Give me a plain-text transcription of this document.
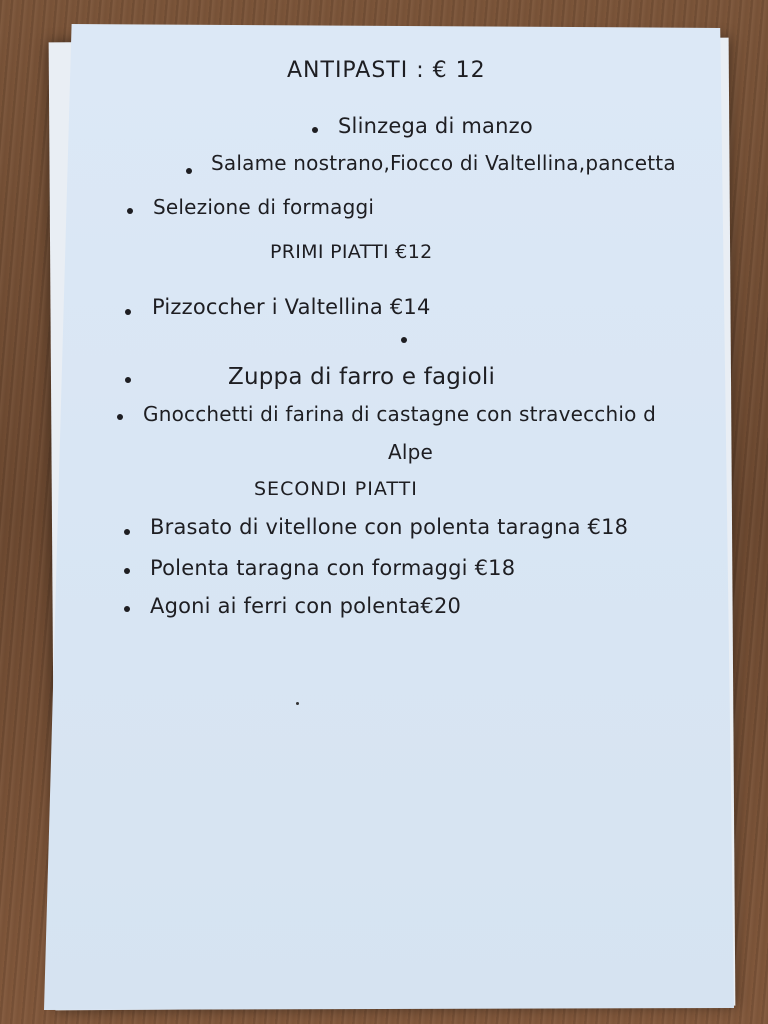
ANTIPASTI : € 12
Slinzega di manzo
Salame nostrano,Fiocco di Valtellina,pancetta
Selezione di formaggi
PRIMI PIATTI €12
Pizzoccher i Valtellina €14
Zuppa di farro e fagioli
Gnocchetti di farina di castagne con stravecchio d
Alpe
SECONDI PIATTI
Brasato di vitellone con polenta taragna €18
Polenta taragna con formaggi €18
Agoni ai ferri con polenta€20
